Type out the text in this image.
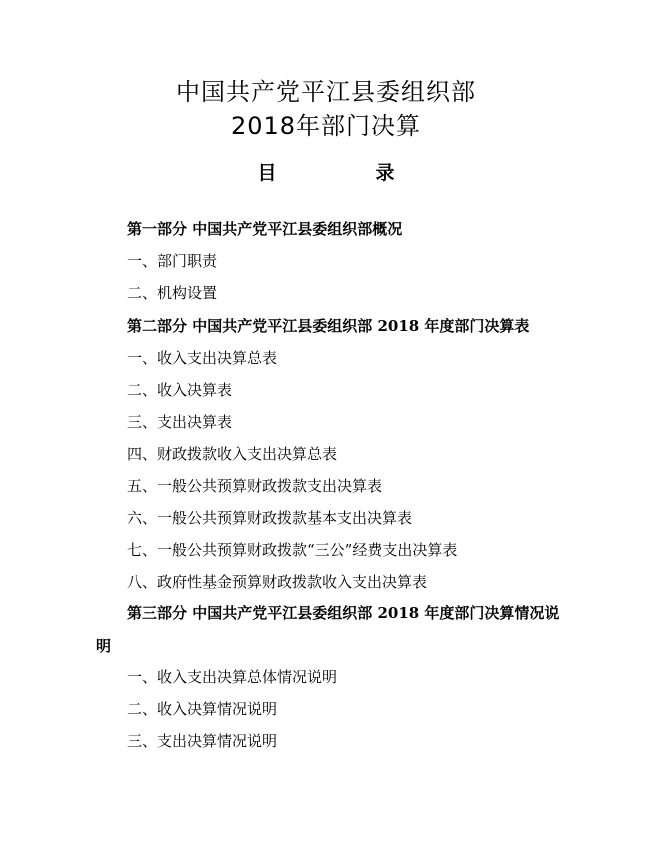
中国共产党平江县委组织部
2018年部门决算
目　录
第一部分 中国共产党平江县委组织部概况
一、部门职责
二、机构设置
第二部分 中国共产党平江县委组织部 2018 年度部门决算表
一、收入支出决算总表
二、收入决算表
三、支出决算表
四、财政拨款收入支出决算总表
五、一般公共预算财政拨款支出决算表
六、一般公共预算财政拨款基本支出决算表
七、一般公共预算财政拨款“三公”经费支出决算表
八、政府性基金预算财政拨款收入支出决算表
第三部分 中国共产党平江县委组织部 2018 年度部门决算情况说
明
一、收入支出决算总体情况说明
二、收入决算情况说明
三、支出决算情况说明
